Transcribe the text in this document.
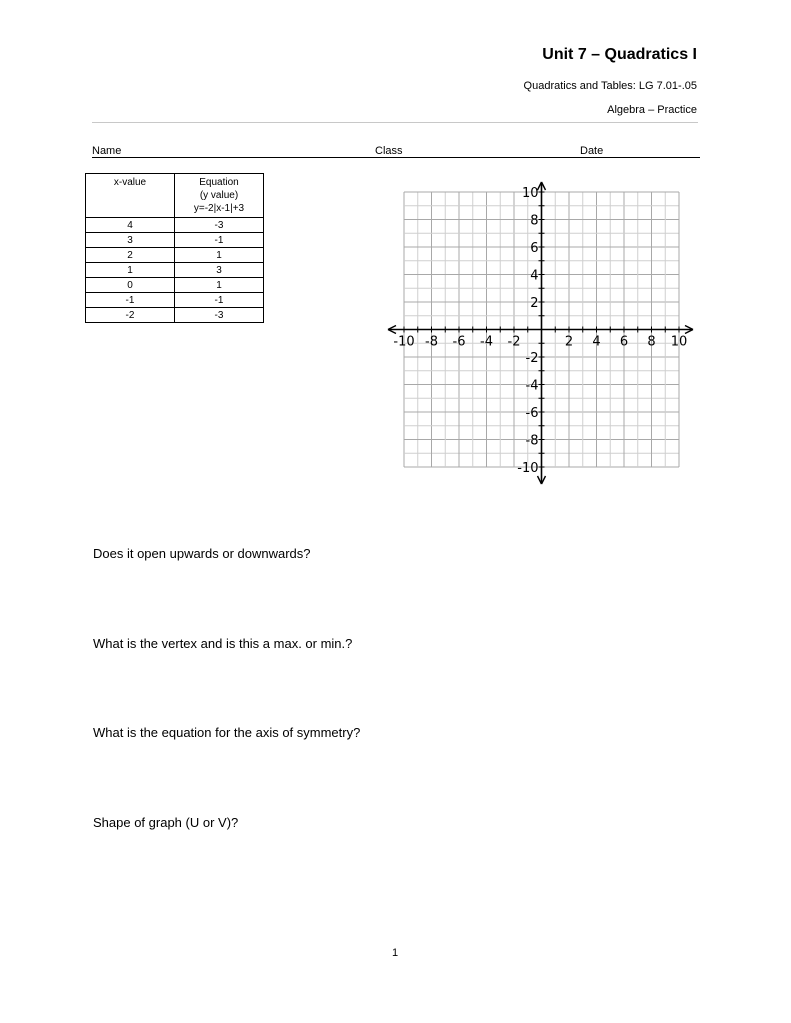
Unit 7 – Quadratics I
Quadratics and Tables: LG 7.01-.05
Algebra – Practice
Name	Class	Date
x-value	Equation
(y value)
y=-2|x-1|+3

4	-3
3	-1
2	1
1	3
0	1
-1	-1
-2	-3
-10 -8 -6 -4 -2	2 4 6 8 10
10
8
6
4
2
-2
-4
-6
-8
-10
Does it open upwards or downwards?
What is the vertex and is this a max. or min.?
What is the equation for the axis of symmetry?
Shape of graph (U or V)?
1
